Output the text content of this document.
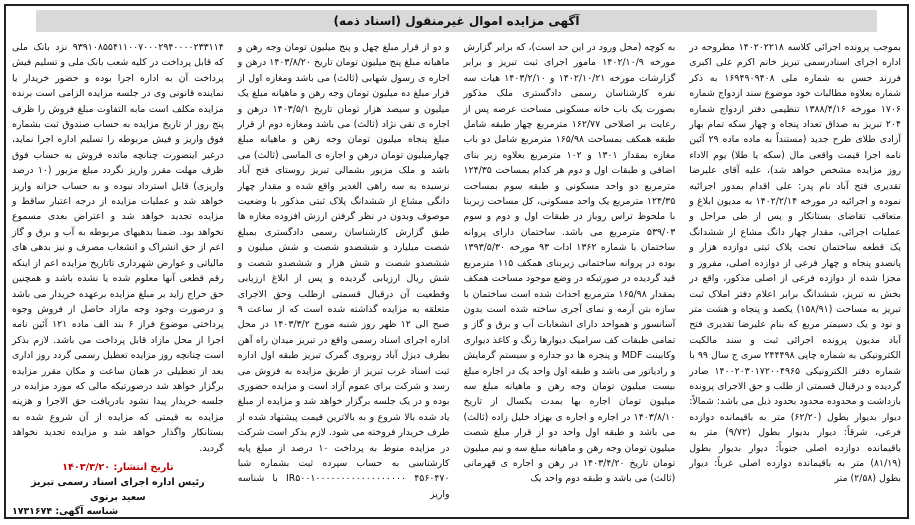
آگهی مزایده اموال غیرمنقول (اسناد ذمه)

بموجب پرونده اجرائی کلاسه ۱۴۰۲۰۲۲۱۸ مطروحه در اداره اجرای اسنادرسمی تبریز خانم اکرم علی اکبری فرزند حسن به شماره ملی ۱۶۹۴۹۰۹۴۰۸ به ذکر شماره بعلاوه مطالبات خود موضوع سند ازدواج شماره ۱۷۰۶ مورخه ۱۳۸۸/۴/۱۶ تنظیمی دفتر ازدواج شماره ۲۰۴ تبریز به صداق تعداد پنجاه و چهار سکه تمام بهار آزادی طلای طرح جدید (مستنداً به ماده ماده ۲۹ آئین نامه اجرا قیمت واقعی مال (سکه یا طلا) یوم الاداء روز مزایده مشخص خواهد شد)، علیه آقای علیرضا تقدیری فتح آباد نام پدر: علی اقدام بمدور اجرائیه نموده و اجرائیه در مورخه ۱۴۰۲/۲/۱۴ به مدیون ابلاغ و متعاقب تقاضای بستانکار و پس از طی مراحل و عملیات اجرائی، مقدار چهار دانگ مشاع از ششدانگ یک قطعه ساختمان تحت پلاک ثبتی دوازده هزار و پانصدو پنجاه و چهار فرعی از دوازده اصلی، مفروز و مجزا شده از دوازده فرعی از اصلی مذکور، واقع در بخش نه تبریز، ششدانگ برابر اعلام دفتر املاک ثبت تبریز به مساحت (۱۵۸/۹۱) یکصد و پنجاه و هشت متر و نود و یک دسیمتر مربع که بنام علیرضا تقدیری فتح آباد مدیون پرونده اجرائی ثبت و سند مالکیت الکترونیکی به شماره چاپی ۲۴۴۴۹۸ سری ج سال ۹۹ با شماره دفتر الکترونیکی ۱۴۰۰۲۰۳۰۱۷۲۰۰۴۹۶۵ صادر گردیده و درقبال قسمتی از طلب و حق الاجرای پرونده بازداشت و محدوده محدود بحدود ذیل می باشد: شمالاً: دیوار بدیوار بطول (۶۲/۲۰) متر به باقیمانده دوازده فرعی، شرقاً: دیوار بدیوار بطول (۹/۷۲) متر به باقیمانده دوازده اصلی جنوباً: دیوار بدیوار بطول (۸۱/۱۹) متر به باقیمانده دوازده اصلی غرباً: دیوار بطول (۲/۵۸) متر

به کوچه (محل ورود در این حد است)، که برابر گزارش مورخه ۱۴۰۲/۱۰/۹ مامور اجرای ثبت تبریز و برابر گزارشات مورخه ۱۴۰۲/۱۰/۲۱ و ۱۴۰۳/۲/۱۰ هیات سه نفره کارشناسان رسمی دادگستری ملک مذکور بصورت یک باب خانه مسکونی مساحت عرصه پس از رعایت بر اصلاحی ۱۶۲/۷۷ مترمربع چهار طبقه شامل طبقه همکف بمساحت ۱۶۵/۹۸ مترمربع شامل دو باب مغازه بمقدار ۱۳۰۱ و ۱۰۲ مترمربع بعلاوه زیر بنای اضافی و طبقات اول و دوم هر کدام بمساحت ۱۲۴/۳۵ مترمربع دو واحد مسکونی و طبقه سوم بمساحت ۱۲۴/۳۵ مترمربع یک واحد مسکونی، کل مساحت زیربنا با ملحوظ تراس روباز در طبقات اول و دوم و سوم ۵۳۹/۰۳ مترمربع می باشد. ساختمان دارای پروانه ساختمان با شماره ۱۳۶۲ ادات ۹۳ مورخه ۱۳۹۳/۵/۳۰ بوده در پروانه ساختمانی زیربنای همکف ۱۱۵ مترمربع قید گردیده در صورتیکه در وضع موجود مساحت همکف بمقدار ۱۶۵/۹۸ مترمربع احداث شده است ساختمان با سازه بتن آرمه و نمای آجری ساخته شده است بدون آسانسور و همواحد دارای انشعابات آب و برق و گاز و تمامی طبقات کف سرامیک دیوارها رنگ و کاغذ دیواری وکابینت MDF و پنجره ها دو جداره و سیستم گرمایش و رادیاتور می باشد و طبقه اول واحد یک در اجاره مبلغ بیست میلیون تومان وجه رهن و ماهیانه مبلغ سه میلیون تومان اجاره بها بمدت یکسال از تاریخ ۱۴۰۳/۸/۱۰ در اجاره و اجاره ی بهزاد خلیل زاده (ثالث) می باشد و طبقه اول واحد دو از قرار مبلغ شصت میلیون تومان وجه رهن و ماهیانه مبلغ سه و نیم میلیون تومان تاریخ ۱۴۰۳/۴/۲۰ در رهن و اجاره ی قهرمانی (ثالث) می باشد و طبقه دوم واحد یک

و دو از قرار مبلغ چهل و پنج میلیون تومان وجه رهن و ماهیانه مبلغ پنج میلیون تومان تاریخ ۱۴۰۳/۸/۲۰ درهن و اجاره ی رسول شهابی (ثالث) می باشد ومغازه اول از قرار مبلغ ده میلیون تومان وجه رهن و ماهیانه مبلغ یک میلیون و سیصد هزار تومان تاریخ ۱۴۰۳/۵/۱ درهن و اجاره ی تقی نژاد (ثالث) می باشد ومغازه دوم از قرار مبلغ پنجاه میلیون تومان وجه رهن و ماهیانه مبلغ چهارمیلیون تومان درهن و اجاره ی الماسی (ثالث) می باشد و ملک مزبور بشمالی تبریز روستای فتح آباد نرسیده به سه راهی الغدیر واقع شده و مقدار چهار دانگی مشاع از ششدانگ پلاک ثبتی مذکور با وضعیت موصوف وبدون در نظر گرفتن ارزش افزوده مغازه ها طبق گزارش کارشناسان رسمی دادگستری بمبلغ شصت میلیارد و ششصدو شصت و شش میلیون و ششصدو شصت و شش هزار و ششصدو شصت و شش ریال ارزیابی گردیده و پس از ابلاغ ارزیابی وقطعیت آن درقبال قسمتی ازطلب وحق الاجرای متعلقه به مزایده گذاشته شده است که از ساعت ۹ صبح الی ۱۲ ظهر روز شنبه مورخ ۱۴۰۳/۳/۲ در محل اداره اجرای اسناد رسمی واقع در تبریز میدان راه آهن بطرف دیزل آباد روبروی گمرک تبریز طبقه اول اداره ثبت اسناد غرب تبریز از طریق مزایده به فروش می رسد و شرکت برای عموم آزاد است و مزایده حضوری بوده و در یک جلسه برگزار خواهد شد و مزایده از مبلغ یاد شده بالا شروع و به بالاترین قیمت پیشنهاد شده از طرف خریدار فروخته می شود. لازم بذکر است شرکت در مزایده منوط به پرداخت ۱۰ درصد از مبلغ پایه کارشناسی به حساب سپرده ثبت بشماره شبا ۴۵۶۰۴۷۰ IR۵۰۰۱۰۰۰۰۰۰۰۰۰۰۰۰۰۰۰۰۰۰ با شناسه واریز

۹۳۹۱۰۸۵۵۴۱۱۰۰۷۰۰۰۲۹۴۰۰۰۰۲۳۳۱۱۴ نزد بانک ملی که قابل پرداخت در کلیه شعب بانک ملی و تسلیم فیش پرداخت آن به اداره اجرا بوده و حضور خریدار یا نماینده قانونی وی در جلسه مزایده الزامی است برنده مزایده مکلف است مابه التفاوت مبلغ فروش را ظرف پنج روز از تاریخ مزایده به حساب صندوق ثبت بشماره فوق واریز و فیش مربوطه را تسلیم اداره اجرا نماید، درغیر اینصورت چنانچه مانده فروش به حساب فوق ظرف مهلت مقرر واریز نگردد مبلغ مزبور (۱۰ درصد واریزی) قابل استرداد نبوده و به حساب خزانه واریز خواهد شد و عملیات مزایده از درجه اعتبار ساقط و مزایده تجدید خواهد شد و اعتراض بعدی مسموع نخواهد بود. ضمنا بدهیهای مربوطه به آب و برق و گاز اعم از حق انشراک و انشعاب مصرف و نیز بدهی های مالیاتی و عوارض شهرداری تاتاریخ مزایده اعم از اینکه رقم قطعی آنها معلوم شده یا نشده باشد و همچنین حق حراج زاید بر مبلغ مزایده برعهده خریدار می باشد و درصورت وجود وجه مازاد حاصل از فروش وجوه پرداختی موضوع فراز ۶ بند الف ماده ۱۲۱ آئین نامه اجرا از محل مازاد قابل پرداخت می باشد. لازم بذکر است چنانچه روز مزایده تعطیل رسمی گردد روز اداری بعد از تعطیلی در همان ساعت و مکان مقرر مزایده برگزار خواهد شد درصورتیکه مالی که مورد مزایده در جلسه خریدار پیدا نشود بادریافت حق الاجرا و هزینه مزایده به قیمتی که مزایده از آن شروع شده به بستانکار واگذار خواهد شد و مزایده تجدید نخواهد گردید.

تاریخ انتشار: ۱۴۰۳/۳/۲۰
رئیس اداره اجرای اسناد رسمی تبریز
سعید برنوی
شناسه آگهی: ۱۷۳۱۶۷۴
